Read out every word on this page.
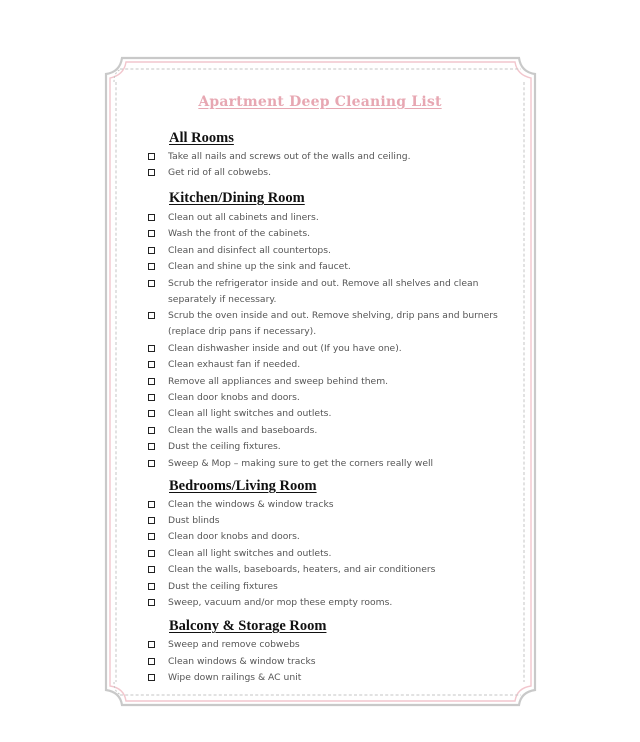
Apartment Deep Cleaning List
All Rooms
Take all nails and screws out of the walls and ceiling.
Get rid of all cobwebs.
Kitchen/Dining Room
Clean out all cabinets and liners.
Wash the front of the cabinets.
Clean and disinfect all countertops.
Clean and shine up the sink and faucet.
Scrub the refrigerator inside and out. Remove all shelves and clean separately if necessary.
Scrub the oven inside and out. Remove shelving, drip pans and burners (replace drip pans if necessary).
Clean dishwasher inside and out (If you have one).
Clean exhaust fan if needed.
Remove all appliances and sweep behind them.
Clean door knobs and doors.
Clean all light switches and outlets.
Clean the walls and baseboards.
Dust the ceiling fixtures.
Sweep & Mop – making sure to get the corners really well
Bedrooms/Living Room
Clean the windows & window tracks
Dust blinds
Clean door knobs and doors.
Clean all light switches and outlets.
Clean the walls, baseboards, heaters, and air conditioners
Dust the ceiling fixtures
Sweep, vacuum and/or mop these empty rooms.
Balcony & Storage Room
Sweep and remove cobwebs
Clean windows & window tracks
Wipe down railings & AC unit
